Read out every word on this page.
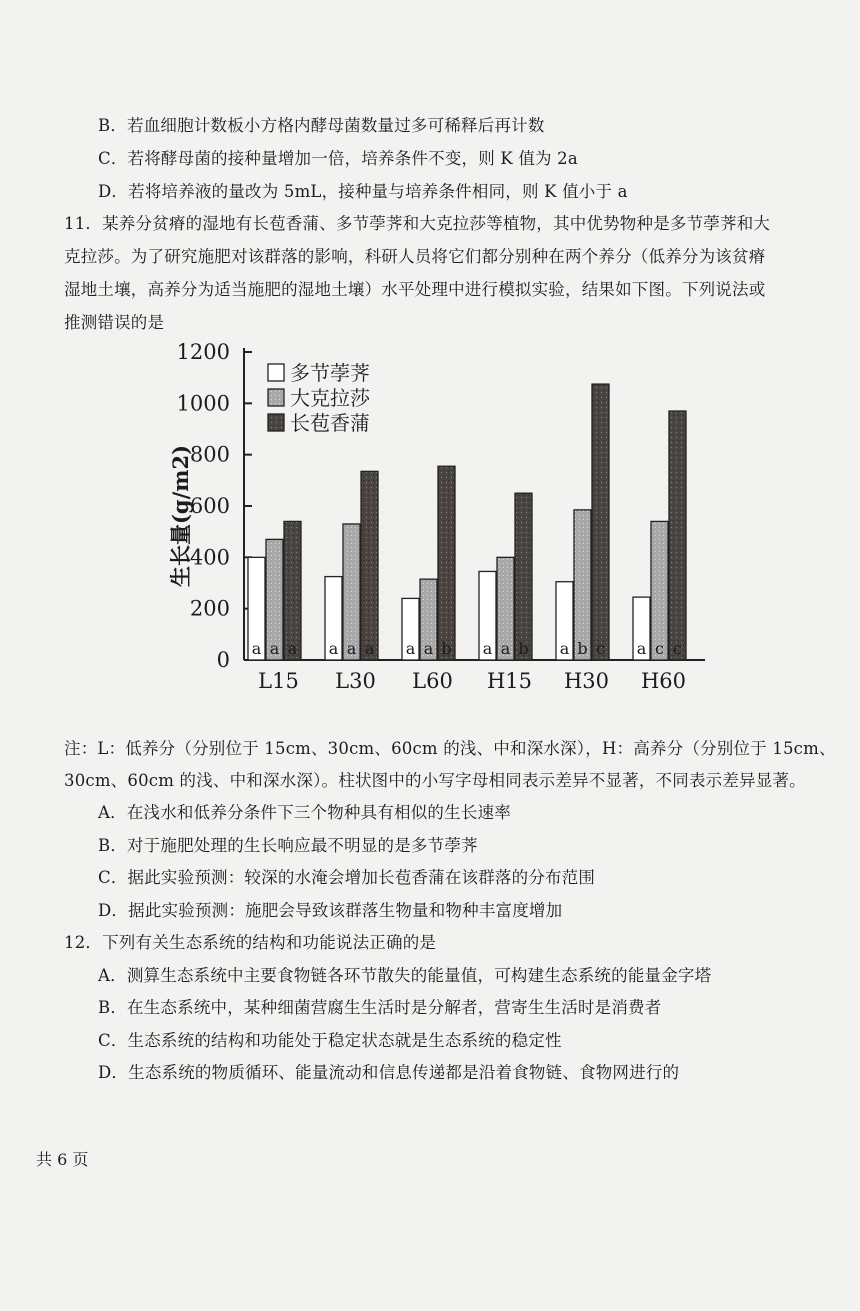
B．若血细胞计数板小方格内酵母菌数量过多可稀释后再计数
C．若将酵母菌的接种量增加一倍，培养条件不变，则 K 值为 2a
D．若将培养液的量改为 5mL，接种量与培养条件相同，则 K 值小于 a
11．某养分贫瘠的湿地有长苞香蒲、多节荸荠和大克拉莎等植物，其中优势物种是多节荸荠和大
克拉莎。为了研究施肥对该群落的影响，科研人员将它们都分别种在两个养分（低养分为该贫瘠
湿地土壤，高养分为适当施肥的湿地土壤）水平处理中进行模拟实验，结果如下图。下列说法或
推测错误的是
0
200
400
600
800
1000
1200
生长量(g/m2)
a a a
L15
a a a
L30
a a b
L60
a a b
H15
a b c
H30
a c c
H60
多节荸荠
大克拉莎
长苞香蒲
注：L：低养分（分别位于 15cm、30cm、60cm 的浅、中和深水深），H：高养分（分别位于 15cm、
30cm、60cm 的浅、中和深水深）。柱状图中的小写字母相同表示差异不显著，不同表示差异显著。
A．在浅水和低养分条件下三个物种具有相似的生长速率
B．对于施肥处理的生长响应最不明显的是多节荸荠
C．据此实验预测：较深的水淹会增加长苞香蒲在该群落的分布范围
D．据此实验预测：施肥会导致该群落生物量和物种丰富度增加
12．下列有关生态系统的结构和功能说法正确的是
A．测算生态系统中主要食物链各环节散失的能量值，可构建生态系统的能量金字塔
B．在生态系统中，某种细菌营腐生生活时是分解者，营寄生生活时是消费者
C．生态系统的结构和功能处于稳定状态就是生态系统的稳定性
D．生态系统的物质循环、能量流动和信息传递都是沿着食物链、食物网进行的
共 6 页
